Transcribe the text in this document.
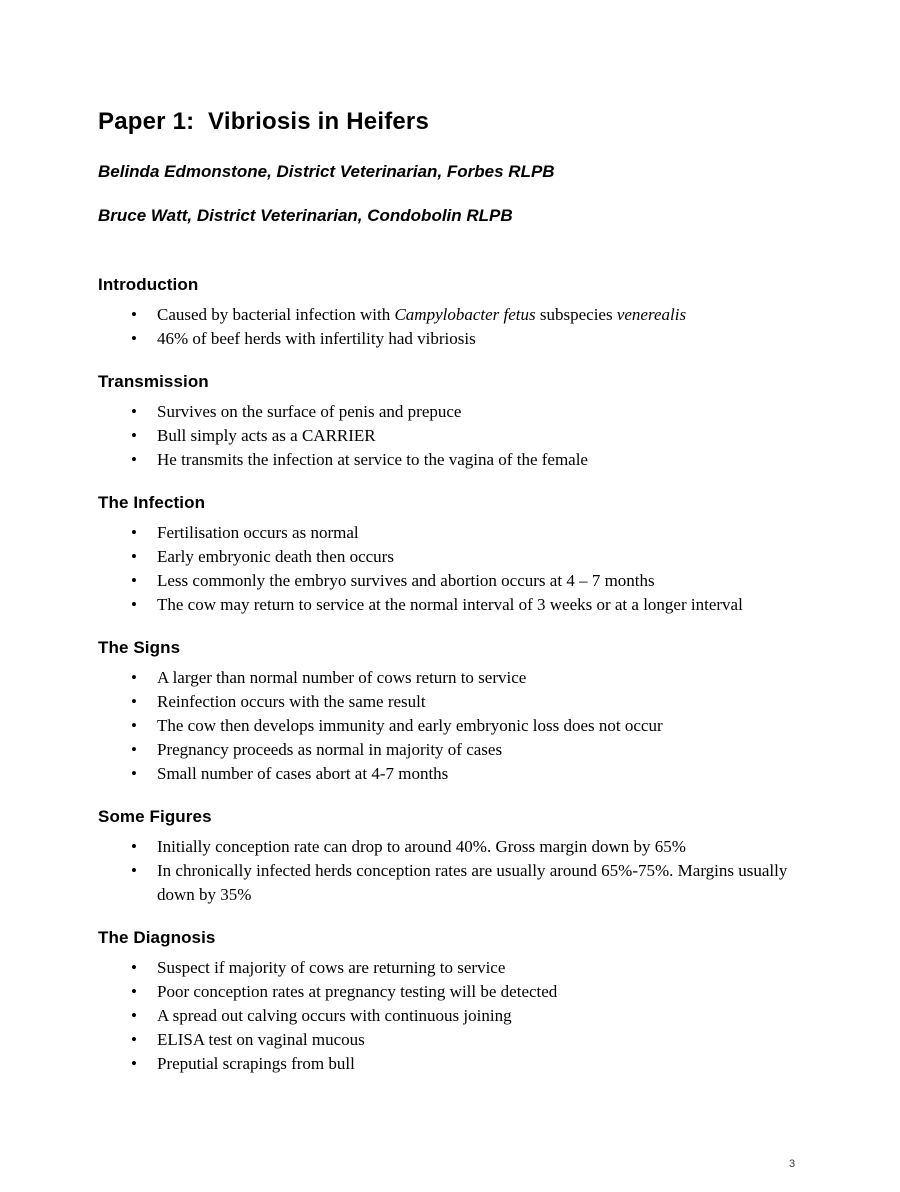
Paper 1:  Vibriosis in Heifers

Belinda Edmonstone, District Veterinarian, Forbes RLPB

Bruce Watt, District Veterinarian, Condobolin RLPB

Introduction
• Caused by bacterial infection with Campylobacter fetus subspecies venerealis
• 46% of beef herds with infertility had vibriosis
Transmission
• Survives on the surface of penis and prepuce
• Bull simply acts as a CARRIER
• He transmits the infection at service to the vagina of the female
The Infection
• Fertilisation occurs as normal
• Early embryonic death then occurs
• Less commonly the embryo survives and abortion occurs at 4 – 7 months
• The cow may return to service at the normal interval of 3 weeks or at a longer interval
The Signs
• A larger than normal number of cows return to service
• Reinfection occurs with the same result
• The cow then develops immunity and early embryonic loss does not occur
• Pregnancy proceeds as normal in majority of cases
• Small number of cases abort at 4-7 months
Some Figures
• Initially conception rate can drop to around 40%. Gross margin down by 65%
• In chronically infected herds conception rates are usually around 65%-75%. Margins usually down by 35%
The Diagnosis
• Suspect if majority of cows are returning to service
• Poor conception rates at pregnancy testing will be detected
• A spread out calving occurs with continuous joining
• ELISA test on vaginal mucous
• Preputial scrapings from bull
3
